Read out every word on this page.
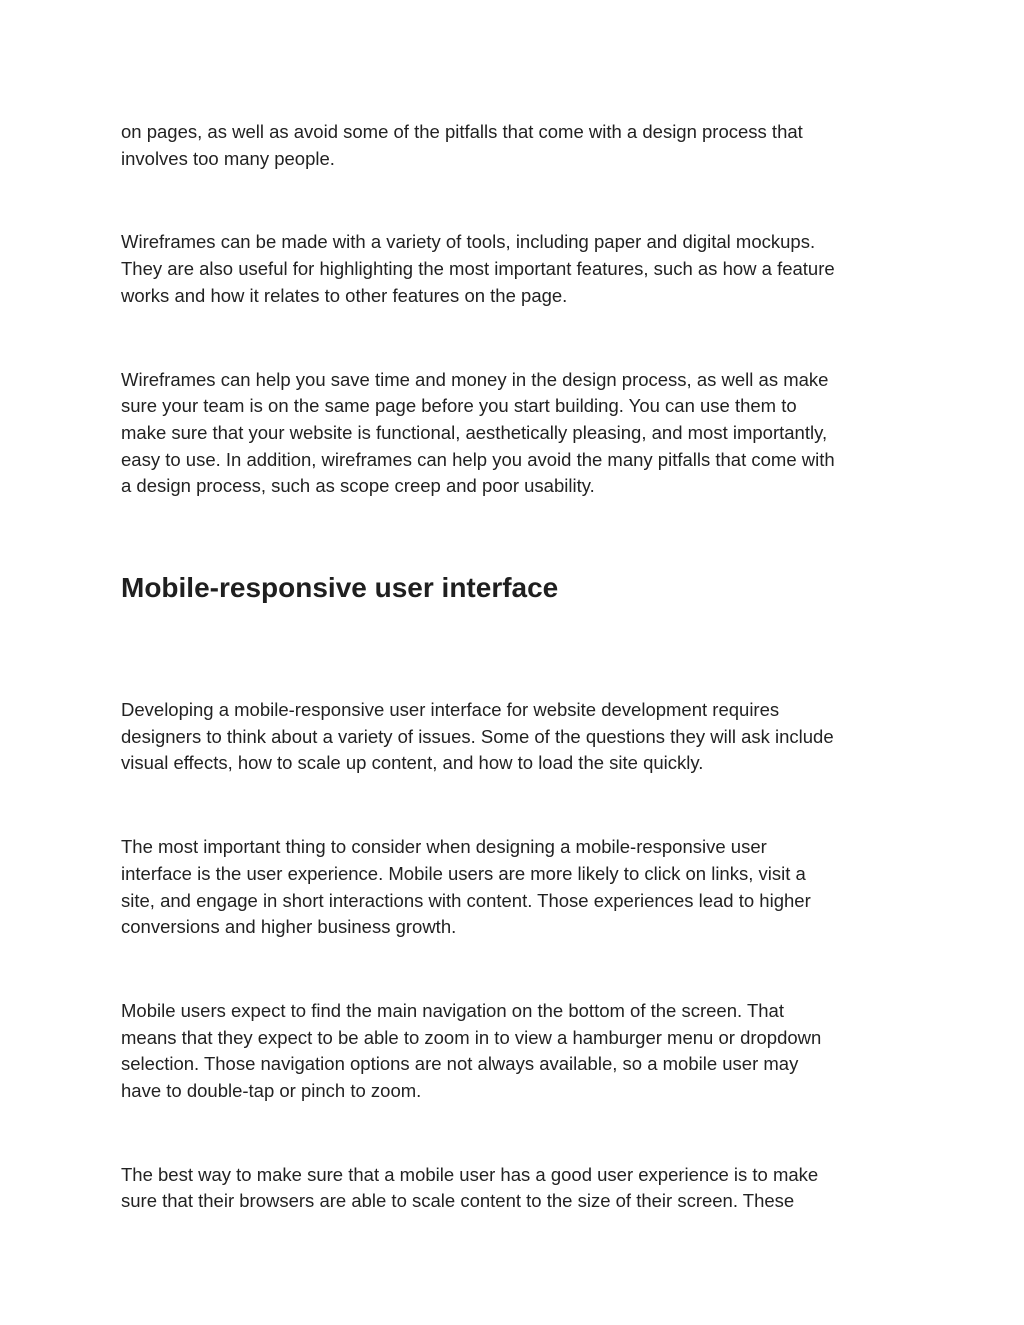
on pages, as well as avoid some of the pitfalls that come with a design process that
involves too many people.

Wireframes can be made with a variety of tools, including paper and digital mockups.
They are also useful for highlighting the most important features, such as how a feature
works and how it relates to other features on the page.

Wireframes can help you save time and money in the design process, as well as make
sure your team is on the same page before you start building. You can use them to
make sure that your website is functional, aesthetically pleasing, and most importantly,
easy to use. In addition, wireframes can help you avoid the many pitfalls that come with
a design process, such as scope creep and poor usability.

Mobile-responsive user interface

Developing a mobile-responsive user interface for website development requires
designers to think about a variety of issues. Some of the questions they will ask include
visual effects, how to scale up content, and how to load the site quickly.

The most important thing to consider when designing a mobile-responsive user
interface is the user experience. Mobile users are more likely to click on links, visit a
site, and engage in short interactions with content. Those experiences lead to higher
conversions and higher business growth.

Mobile users expect to find the main navigation on the bottom of the screen. That
means that they expect to be able to zoom in to view a hamburger menu or dropdown
selection. Those navigation options are not always available, so a mobile user may
have to double-tap or pinch to zoom.

The best way to make sure that a mobile user has a good user experience is to make
sure that their browsers are able to scale content to the size of their screen. These
